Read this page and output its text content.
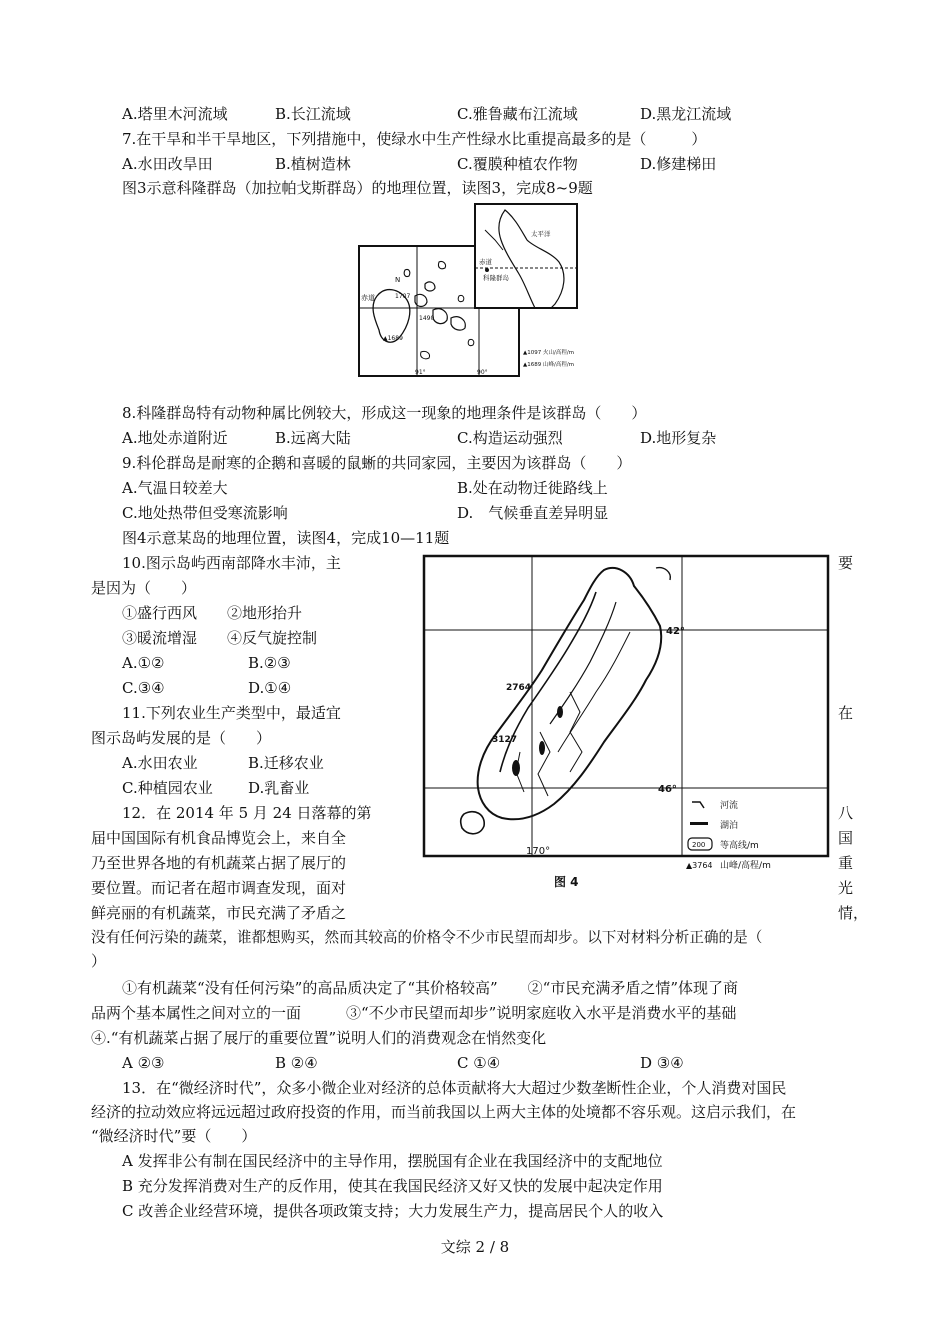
A.塔里木河流域	B.长江流域	C.雅鲁藏布江流域	D.黑龙江流域
7.在干旱和半干旱地区，下列措施中，使绿水中生产性绿水比重提高最多的是（　　　）
A.水田改旱田	B.植树造林	C.覆膜种植农作物	D.修建梯田
图3示意科隆群岛（加拉帕戈斯群岛）的地理位置，读图3，完成8~9题
N
赤道	1707
1490
▲1689
91°	90°
▲1097 火山/高程/m
▲1689 山峰/高程/m
太平洋
赤道
科隆群岛
8.科隆群岛特有动物种属比例较大，形成这一现象的地理条件是该群岛（　　）
A.地处赤道附近	B.远离大陆	C.构造运动强烈	D.地形复杂
9.科伦群岛是耐寒的企鹅和喜暖的鼠蜥的共同家园，主要因为该群岛（　　）
A.气温日较差大	B.处在动物迁徙路线上
C.地处热带但受寒流影响	D.　气候垂直差异明显
图4示意某岛的地理位置，读图4，完成10—11题
10.图示岛屿西南部降水丰沛，主	要
是因为（　　）
①盛行西风　　②地形抬升
③暖流增湿　　④反气旋控制
A.①②	B.②③
C.③④	D.①④
11.下列农业生产类型中，最适宜	在
图示岛屿发展的是（　　）
A.水田农业	B.迁移农业
C.种植园农业 D.乳畜业
42°
46°
170°
2764
3127
河流
湖泊
200 等高线/m
▲3764 山峰/高程/m
图 4
12．在 2014 年 5 月 24 日落幕的第	八
届中国国际有机食品博览会上，来自全	国
乃至世界各地的有机蔬菜占据了展厅的	重
要位置。而记者在超市调查发现，面对	光
鲜亮丽的有机蔬菜，市民充满了矛盾之	情，
没有任何污染的蔬菜，谁都想购买，然而其较高的价格令不少市民望而却步。以下对材料分析正确的是（
）
①有机蔬菜“没有任何污染”的高品质决定了“其价格较高”　　②“市民充满矛盾之情”体现了商
品两个基本属性之间对立的一面　　　③“不少市民望而却步”说明家庭收入水平是消费水平的基础
④.“有机蔬菜占据了展厅的重要位置”说明人们的消费观念在悄然变化
A ②③	B ②④	C ①④	D ③④
13．在“微经济时代”，众多小微企业对经济的总体贡献将大大超过少数垄断性企业，个人消费对国民
经济的拉动效应将远远超过政府投资的作用，而当前我国以上两大主体的处境都不容乐观。这启示我们，在
“微经济时代”要（　　）
A 发挥非公有制在国民经济中的主导作用，摆脱国有企业在我国经济中的支配地位
B 充分发挥消费对生产的反作用，使其在我国民经济又好又快的发展中起决定作用
C 改善企业经营环境，提供各项政策支持；大力发展生产力，提高居民个人的收入
文综 2 / 8
